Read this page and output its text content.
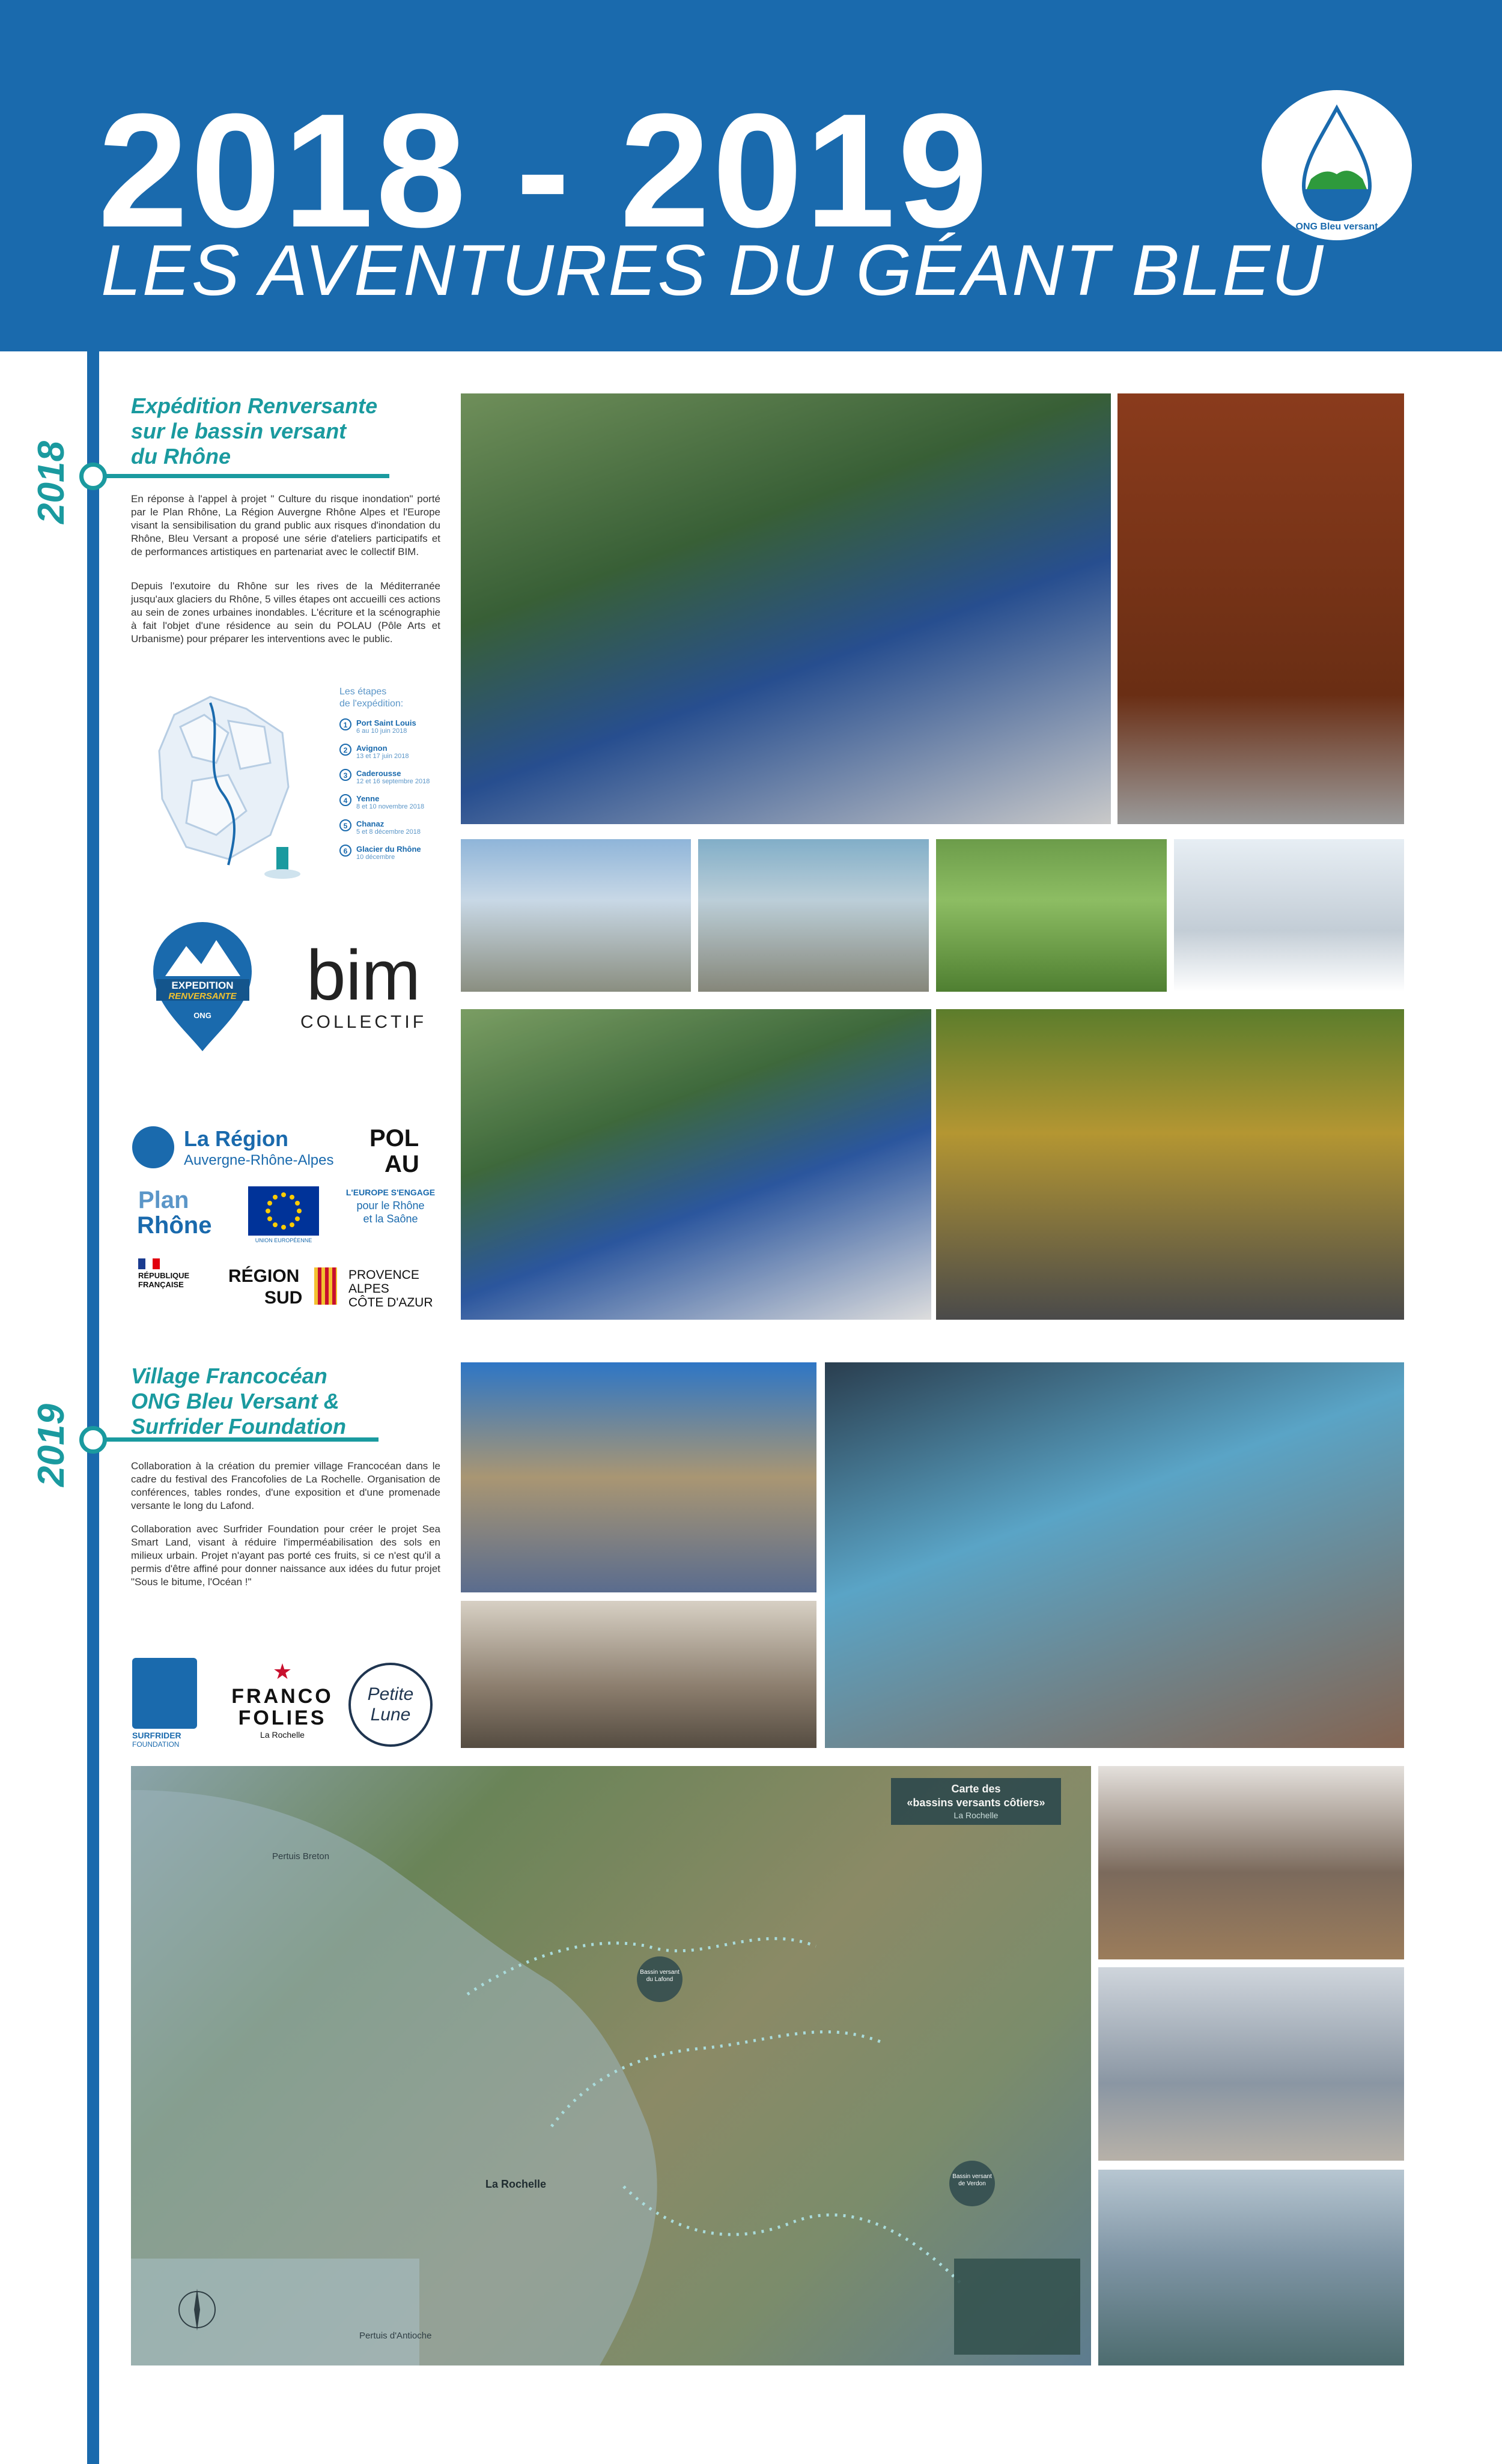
2018 - 2019
LES AVENTURES DU GÉANT BLEU
ONG Bleu versant
2018
2019
Expédition Renversante
sur le bassin versant
du Rhône
En réponse à l'appel à projet " Culture du risque inondation" porté par le Plan Rhône, La Région Auvergne Rhône Alpes et l'Europe visant la sensibilisation du grand public aux risques d'inondation du Rhône, Bleu Versant a proposé une série d'ateliers participatifs et de performances artistiques en partenariat avec le collectif BIM.
Depuis l'exutoire du Rhône sur les rives de la Méditerranée jusqu'aux glaciers du Rhône, 5 villes étapes ont accueilli ces actions au sein de zones urbaines inondables. L'écriture et la scénographie à fait l'objet d'une résidence au sein du POLAU (Pôle Arts et Urbanisme) pour préparer les interventions avec le public.
Les étapes
de l'expédition:
1	Port Saint Louis
6 au 10 juin 2018
2	Avignon
13 et 17 juin 2018
3	Caderousse
12 et 16 septembre 2018
4	Yenne
8 et 10 novembre 2018
5	Chanaz
5 et 8 décembre 2018
6	Glacier du Rhône
10 décembre
EXPEDITION
RENVERSANTE
ONG
bim
COLLECTIF
La Région
Auvergne-Rhône-Alpes
POL
AU
Plan
Rhône
UNION EUROPÉENNE
L'EUROPE S'ENGAGE
pour le Rhône
et la Saône
RÉPUBLIQUE
FRANÇAISE	RÉGION
SUD
PROVENCE
ALPES
CÔTE D'AZUR
Village Francocéan
ONG Bleu Versant &
Surfrider Foundation
Collaboration à la création du premier village Francocéan dans le cadre du festival des Francofolies de La Rochelle. Organisation de conférences, tables rondes, d'une exposition et d'une promenade versante le long du Lafond.
Collaboration avec Surfrider Foundation pour créer le projet Sea Smart Land, visant à réduire l'imperméabilisation des sols en milieux urbain. Projet n'ayant pas porté ces fruits, si ce n'est qu'il a permis d'être affiné pour donner naissance aux idées du futur projet "Sous le bitume, l'Océan !"
SURFRIDER
FOUNDATION
★
FRANCO
FOLIES
La Rochelle
Petite
Lune
Pertuis Breton
La Rochelle
Pertuis d'Antioche
Bassin versant du Lafond
Bassin versant de Verdon
Carte des
«bassins versants côtiers»
La Rochelle
